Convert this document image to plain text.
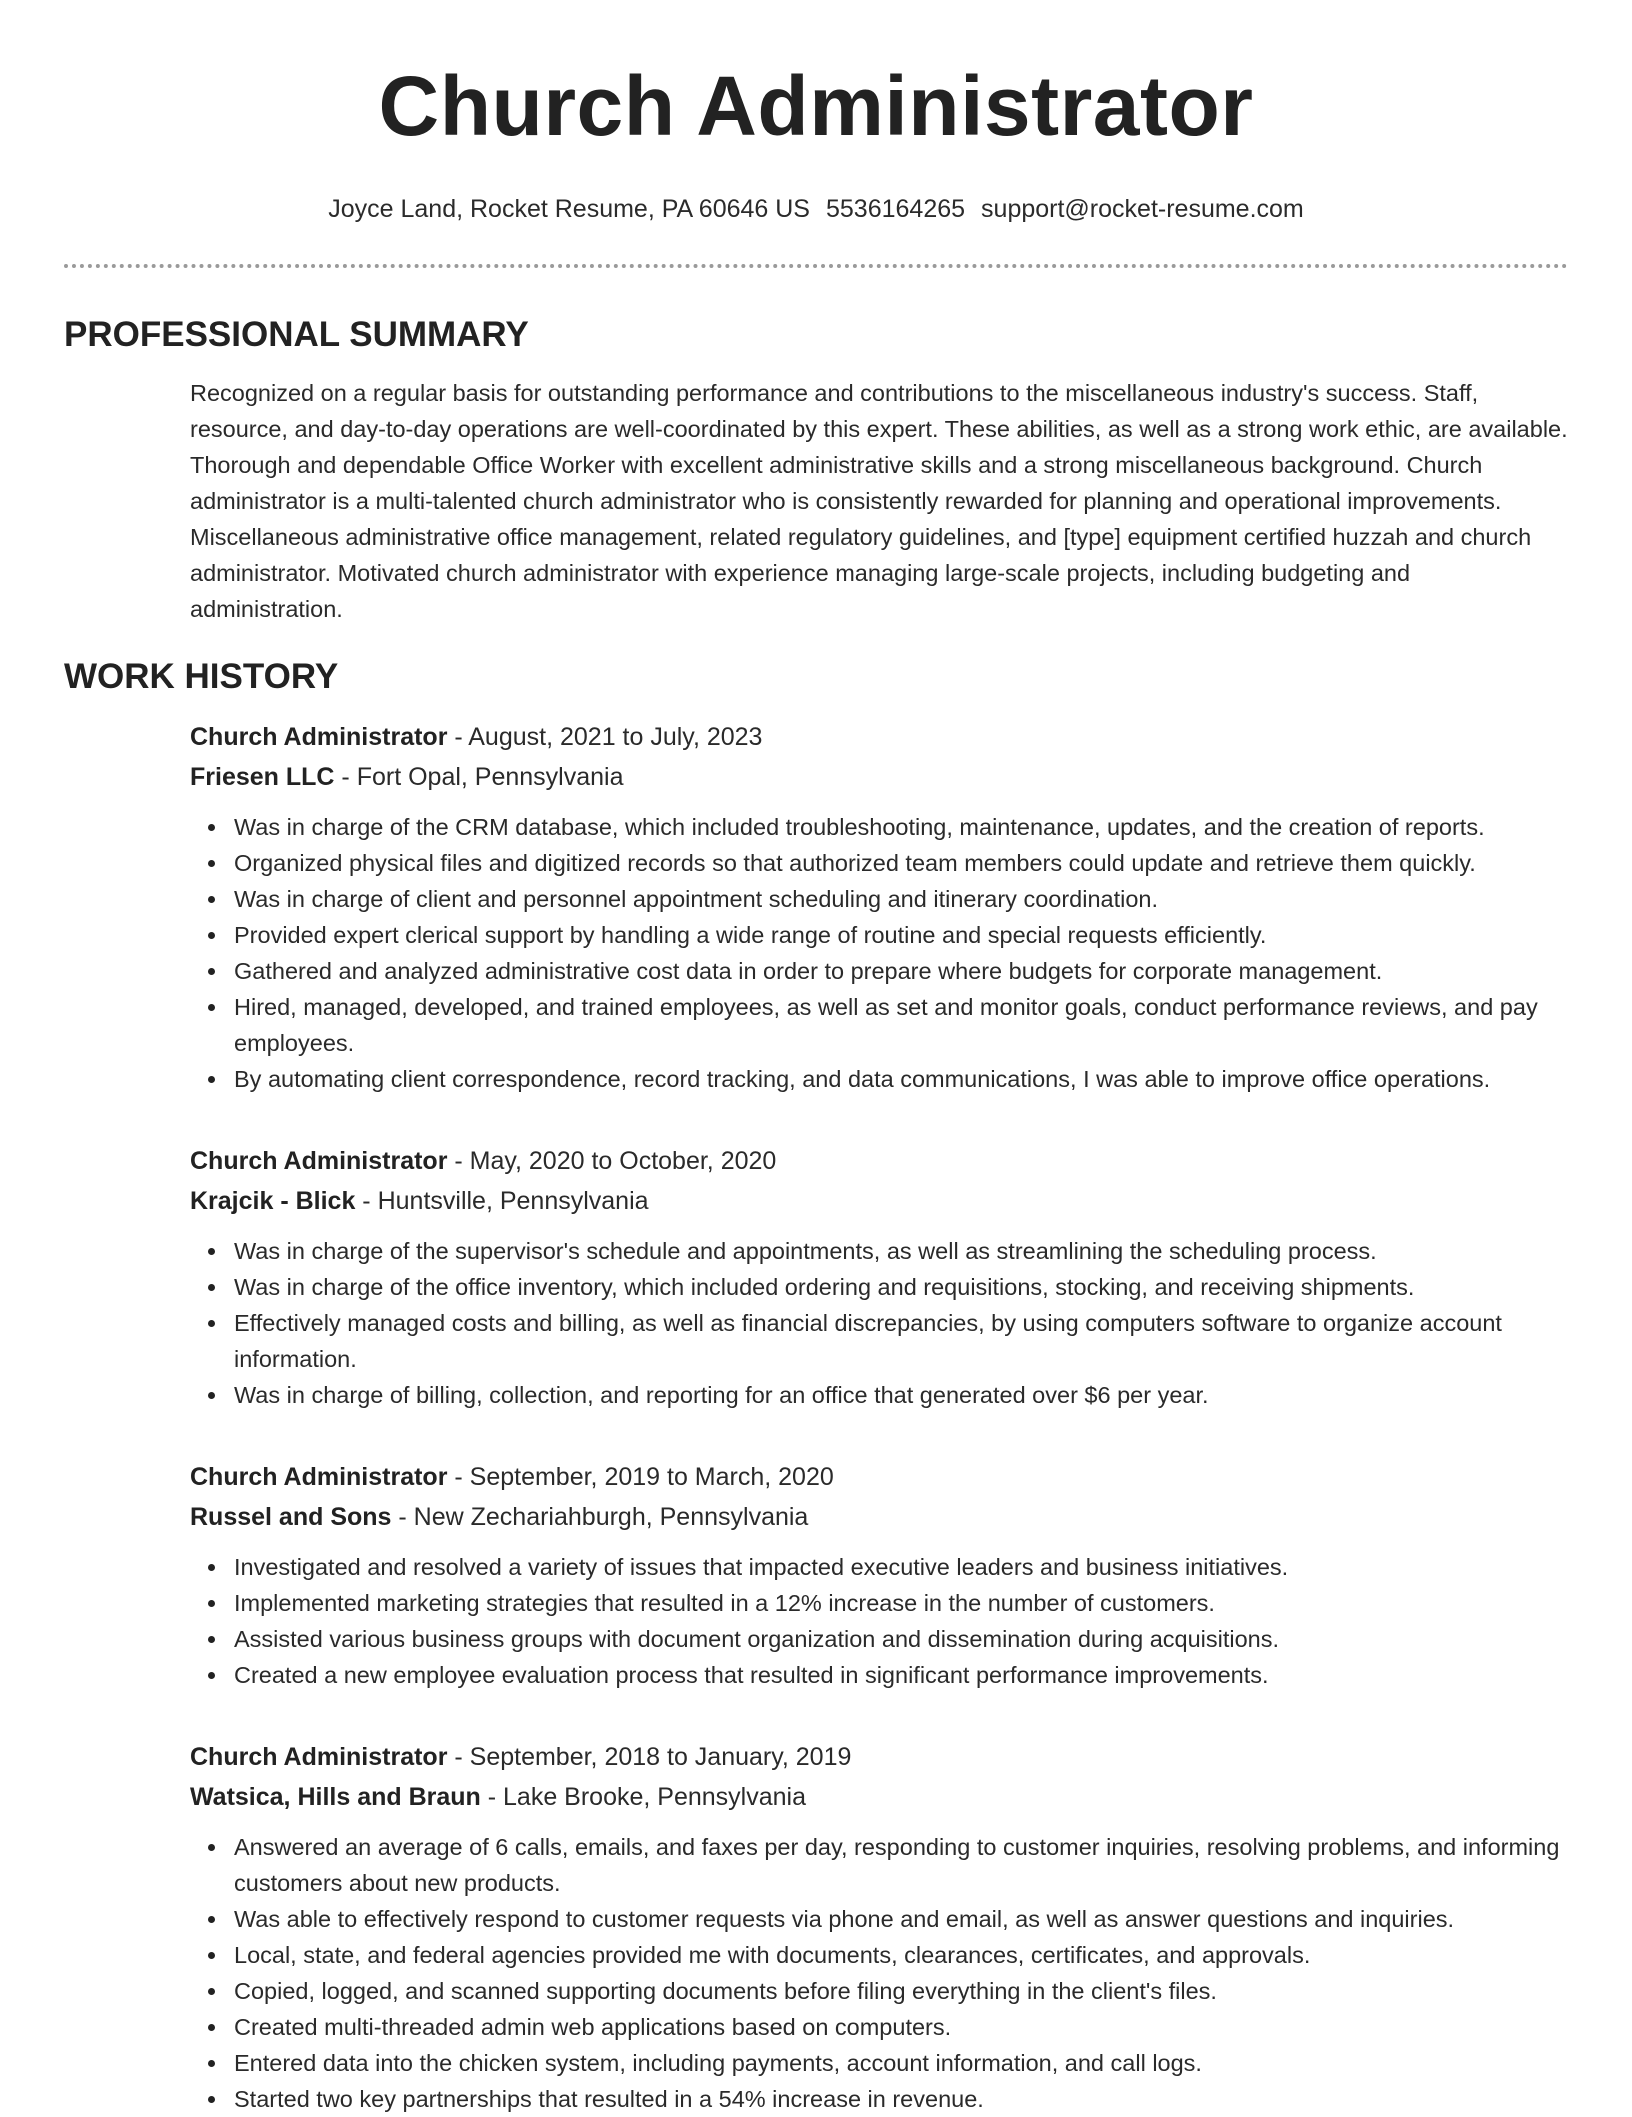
Church Administrator
Joyce Land, Rocket Resume, PA 60646 US 5536164265 support@rocket-resume.com
PROFESSIONAL SUMMARY
Recognized on a regular basis for outstanding performance and contributions to the miscellaneous industry's success. Staff, resource, and day-to-day operations are well-coordinated by this expert. These abilities, as well as a strong work ethic, are available. Thorough and dependable Office Worker with excellent administrative skills and a strong miscellaneous background. Church administrator is a multi-talented church administrator who is consistently rewarded for planning and operational improvements. Miscellaneous administrative office management, related regulatory guidelines, and [type] equipment certified huzzah and church administrator. Motivated church administrator with experience managing large-scale projects, including budgeting and administration.
WORK HISTORY
Church Administrator - August, 2021 to July, 2023
Friesen LLC - Fort Opal, Pennsylvania
Was in charge of the CRM database, which included troubleshooting, maintenance, updates, and the creation of reports.
Organized physical files and digitized records so that authorized team members could update and retrieve them quickly.
Was in charge of client and personnel appointment scheduling and itinerary coordination.
Provided expert clerical support by handling a wide range of routine and special requests efficiently.
Gathered and analyzed administrative cost data in order to prepare where budgets for corporate management.
Hired, managed, developed, and trained employees, as well as set and monitor goals, conduct performance reviews, and pay employees.
By automating client correspondence, record tracking, and data communications, I was able to improve office operations.
Church Administrator - May, 2020 to October, 2020
Krajcik - Blick - Huntsville, Pennsylvania
Was in charge of the supervisor's schedule and appointments, as well as streamlining the scheduling process.
Was in charge of the office inventory, which included ordering and requisitions, stocking, and receiving shipments.
Effectively managed costs and billing, as well as financial discrepancies, by using computers software to organize account information.
Was in charge of billing, collection, and reporting for an office that generated over $6 per year.
Church Administrator - September, 2019 to March, 2020
Russel and Sons - New Zechariahburgh, Pennsylvania
Investigated and resolved a variety of issues that impacted executive leaders and business initiatives.
Implemented marketing strategies that resulted in a 12% increase in the number of customers.
Assisted various business groups with document organization and dissemination during acquisitions.
Created a new employee evaluation process that resulted in significant performance improvements.
Church Administrator - September, 2018 to January, 2019
Watsica, Hills and Braun - Lake Brooke, Pennsylvania
Answered an average of 6 calls, emails, and faxes per day, responding to customer inquiries, resolving problems, and informing customers about new products.
Was able to effectively respond to customer requests via phone and email, as well as answer questions and inquiries.
Local, state, and federal agencies provided me with documents, clearances, certificates, and approvals.
Copied, logged, and scanned supporting documents before filing everything in the client's files.
Created multi-threaded admin web applications based on computers.
Entered data into the chicken system, including payments, account information, and call logs.
Started two key partnerships that resulted in a 54% increase in revenue.
